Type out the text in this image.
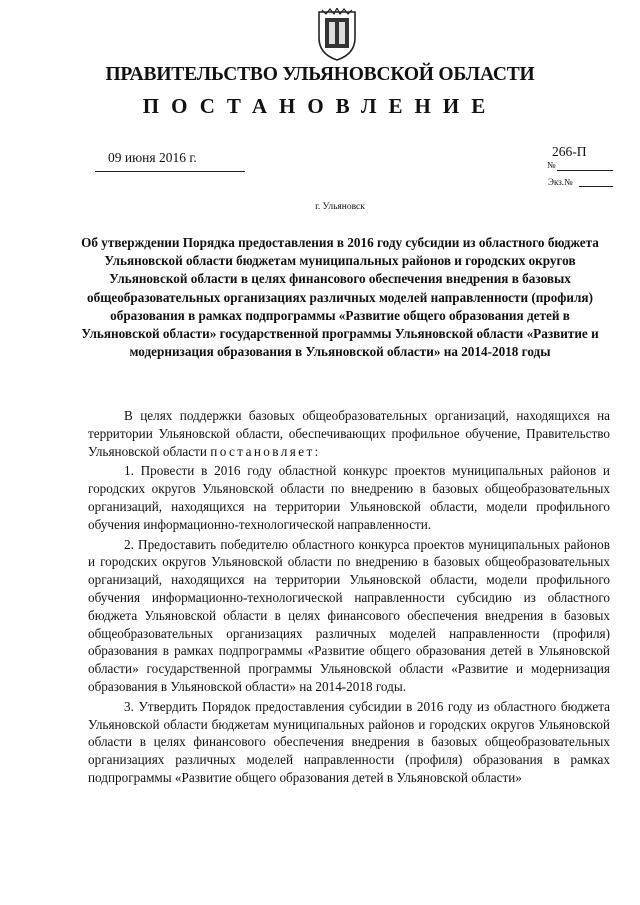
ПРАВИТЕЛЬСТВО УЛЬЯНОВСКОЙ ОБЛАСТИ
ПОСТАНОВЛЕНИЕ
09 июня 2016 г.	266-П
№
Экз.№
г. Ульяновск
Об утверждении Порядка предоставления в 2016 году субсидии из областного бюджета Ульяновской области бюджетам муниципальных районов и городских округов Ульяновской области в целях финансового обеспечения внедрения в базовых общеобразовательных организациях различных моделей направленности (профиля) образования в рамках подпрограммы «Развитие общего образования детей в Ульяновской области» государственной программы Ульяновской области «Развитие и модернизация образования в Ульяновской области» на 2014-2018 годы

В целях поддержки базовых общеобразовательных организаций, находящихся на территории Ульяновской области, обеспечивающих профильное обучение, Правительство Ульяновской области постановляет:

1. Провести в 2016 году областной конкурс проектов муниципальных районов и городских округов Ульяновской области по внедрению в базовых общеобразовательных организаций, находящихся на территории Ульяновской области, модели профильного обучения информационно-технологической направленности.

2. Предоставить победителю областного конкурса проектов муниципальных районов и городских округов Ульяновской области по внедрению в базовых общеобразовательных организаций, находящихся на территории Ульяновской области, модели профильного обучения информационно-технологической направленности субсидию из областного бюджета Ульяновской области в целях финансового обеспечения внедрения в базовых общеобразовательных организациях различных моделей направленности (профиля) образования в рамках подпрограммы «Развитие общего образования детей в Ульяновской области» государственной программы Ульяновской области «Развитие и модернизация образования в Ульяновской области» на 2014-2018 годы.

3. Утвердить Порядок предоставления субсидии в 2016 году из областного бюджета Ульяновской области бюджетам муниципальных районов и городских округов Ульяновской области в целях финансового обеспечения внедрения в базовых общеобразовательных организациях различных моделей направленности (профиля) образования в рамках подпрограммы «Развитие общего образования детей в Ульяновской области»
